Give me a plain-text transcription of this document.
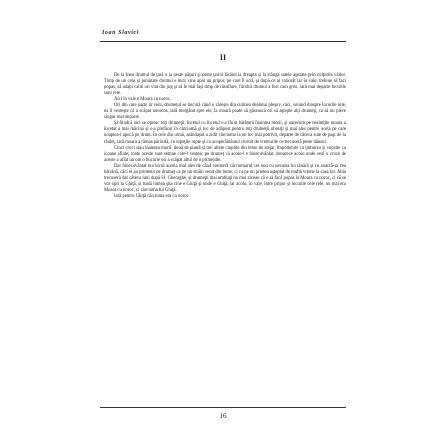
Ioan Slavici
II

De la Ineu drumul de ţară o ia peste păşuri şi peste ţarini lăsând la dreapta şi la stânga satele aşezate prin colţurile văilor. Timp de un ceas şi jumătate drumul e bun; vine apoi un pripor, pe care îl urci, şi după ce ai coborât iar în vale, trebuie să faci popas, să adapi calul ori vita din jug şi să le mai laşi timp de răsuflare, fiindcă drumul a fost cam greu, iară mai departe locurile sunt rele.

Aici în vale e Moara cu noroc.

Ori din care parte ar veni, drumeţul se bucură când o zăreşte din culmea dealului pleşuv, căci, venind dinspre locurile rele, ea îl vesteşte că a scăpat norocos, iară mergând spre ele, la moară poate să găsească ori să aştepte alţi drumeţi, ca să nu plece singur mai departe.

Şi fiindcă aici se opresc toţi drumeţii, încetul cu încetul s-a făcut bătătură înaintea morii, şi oarecum pe nesimţite moara a încetat a mai măcina şi s-a prefăcut în cârciumă şi loc de adăpost pentru toţi drumeţii obosiţi şi mai ales pentru acela pe care noaptea-l apucă pe drum. În cele din urmă, arândaşul a zidit cârciuma la un loc mai potrivit, departe de câteva sute de paşi de la râuleţ, iară moara a rămas părăsită, cu lopeţile rupte şi cu acoperământul ciuruit de vremurile ce trecuseră peste dânsul.

Cinci cruci stau înaintea morii, două de piatră şi trei altele cioplite din lemn de stejar, împodobite cu ţintuirea şi vopsite cu icoane sfinte; toate aceste sunt semne care-l vestesc pe drumeţ că acolo-i e binecuvântat, deoarece acolo unde vezi o cruce de aceste a aflat un om o bucurie ori a scăpat altul de o primejdie.

Dar binecuvântat era locul acesta mai ales de când veniseră cârciumarul cel nou cu nevasta lui tânără şi cu soacră-sa cea bătrână, căci ei au primenit pe drumeţ ca pe un străin venit din lume, ci ca pe un prieten aşteptat de multă vreme la casa lor. Abia trecuseră dar câteva luni după Sf. Gheorghe, şi drumeţii mai umblaţi nu mai ziceau că o să facă popas la Moara cu noroc, ci că se vor opri la Ghiţă, şi toată lumea ştia cine e Ghiţă şi unde e Ghiţă, iar acolo, în vale, între pripor şi locurile cele rele, nu mai era Moara cu noroc, ci cârciuma lui Ghiţă.

Iară pentru Ghiţă cârciuma era cu noroc.

16
